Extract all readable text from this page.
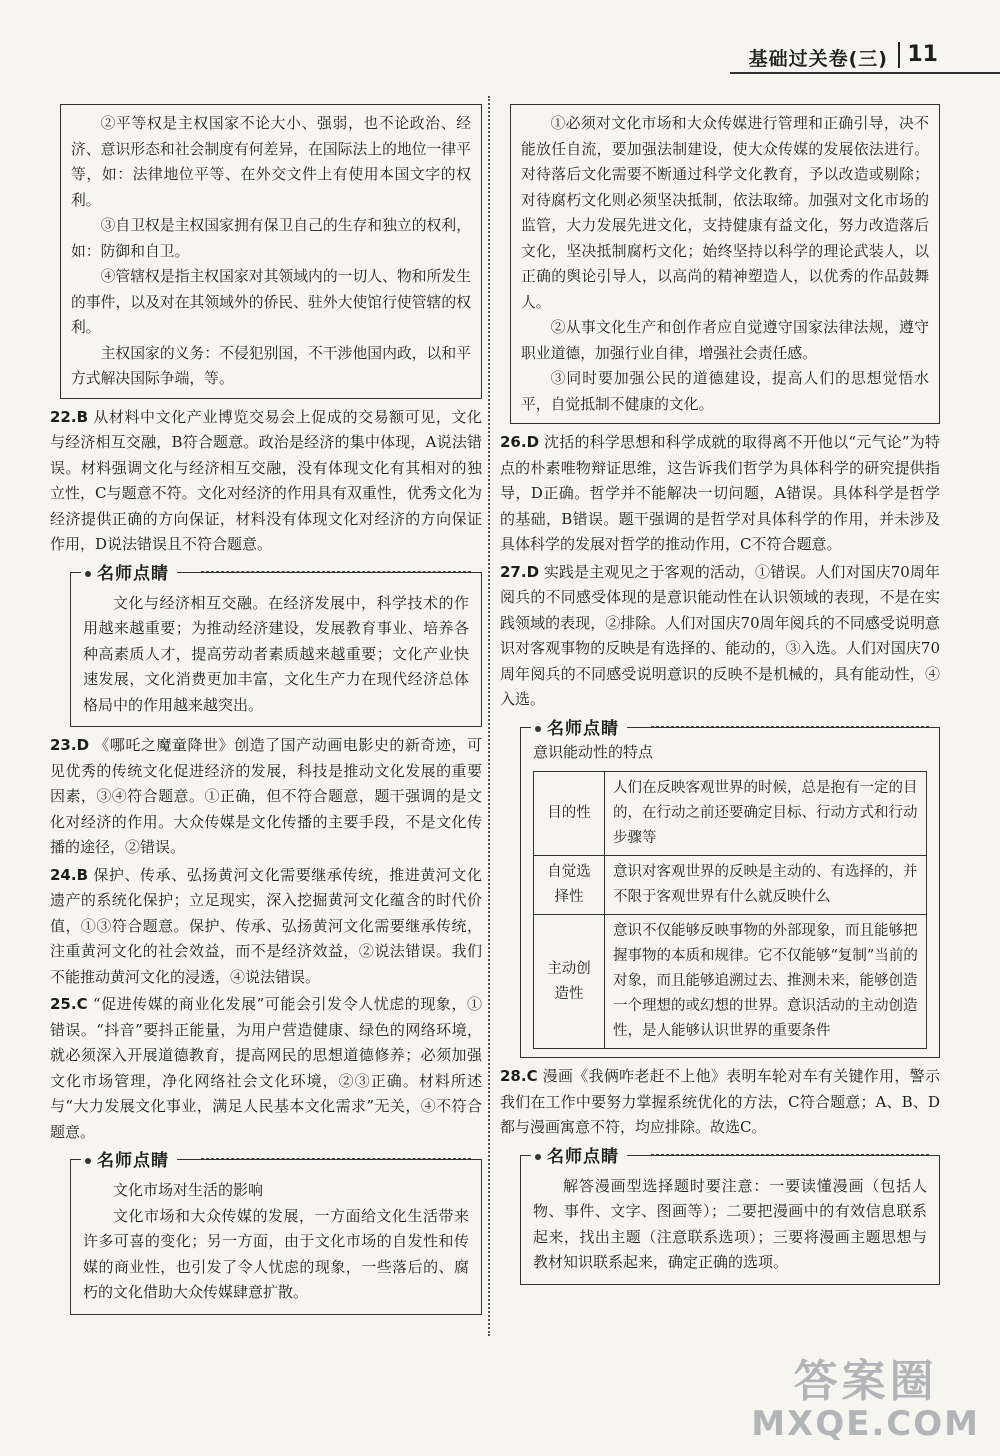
基础过关卷(三) 11

②平等权是主权国家不论大小、强弱，也不论政治、经济、意识形态和社会制度有何差异，在国际法上的地位一律平等，如：法律地位平等、在外交文件上有使用本国文字的权利。

③自卫权是主权国家拥有保卫自己的生存和独立的权利，如：防御和自卫。

④管辖权是指主权国家对其领域内的一切人、物和所发生的事件，以及对在其领域外的侨民、驻外大使馆行使管辖的权利。

主权国家的义务：不侵犯别国，不干涉他国内政，以和平方式解决国际争端，等。

22.B 从材料中文化产业博览交易会上促成的交易额可见，文化与经济相互交融，B符合题意。政治是经济的集中体现，A说法错误。材料强调文化与经济相互交融，没有体现文化有其相对的独立性，C与题意不符。文化对经济的作用具有双重性，优秀文化为经济提供正确的方向保证，材料没有体现文化对经济的方向保证作用，D说法错误且不符合题意。

名师点睛

文化与经济相互交融。在经济发展中，科学技术的作用越来越重要；为推动经济建设，发展教育事业、培养各种高素质人才，提高劳动者素质越来越重要；文化产业快速发展，文化消费更加丰富，文化生产力在现代经济总体格局中的作用越来越突出。

23.D 《哪吒之魔童降世》创造了国产动画电影史的新奇迹，可见优秀的传统文化促进经济的发展，科技是推动文化发展的重要因素，③④符合题意。①正确，但不符合题意，题干强调的是文化对经济的作用。大众传媒是文化传播的主要手段，不是文化传播的途径，②错误。

24.B 保护、传承、弘扬黄河文化需要继承传统，推进黄河文化遗产的系统化保护；立足现实，深入挖掘黄河文化蕴含的时代价值，①③符合题意。保护、传承、弘扬黄河文化需要继承传统，注重黄河文化的社会效益，而不是经济效益，②说法错误。我们不能推动黄河文化的浸透，④说法错误。

25.C “促进传媒的商业化发展”可能会引发令人忧虑的现象，①错误。“抖音”要抖正能量，为用户营造健康、绿色的网络环境，就必须深入开展道德教育，提高网民的思想道德修养；必须加强文化市场管理，净化网络社会文化环境，②③正确。材料所述与“大力发展文化事业，满足人民基本文化需求”无关，④不符合题意。

名师点睛

文化市场对生活的影响

文化市场和大众传媒的发展，一方面给文化生活带来许多可喜的变化；另一方面，由于文化市场的自发性和传媒的商业性，也引发了令人忧虑的现象，一些落后的、腐朽的文化借助大众传媒肆意扩散。

①必须对文化市场和大众传媒进行管理和正确引导，决不能放任自流，要加强法制建设，使大众传媒的发展依法进行。对待落后文化需要不断通过科学文化教育，予以改造或剔除；对待腐朽文化则必须坚决抵制，依法取缔。加强对文化市场的监管，大力发展先进文化，支持健康有益文化，努力改造落后文化，坚决抵制腐朽文化；始终坚持以科学的理论武装人，以正确的舆论引导人，以高尚的精神塑造人，以优秀的作品鼓舞人。

②从事文化生产和创作者应自觉遵守国家法律法规，遵守职业道德，加强行业自律，增强社会责任感。

③同时要加强公民的道德建设，提高人们的思想觉悟水平，自觉抵制不健康的文化。

26.D 沈括的科学思想和科学成就的取得离不开他以“元气论”为特点的朴素唯物辩证思维，这告诉我们哲学为具体科学的研究提供指导，D正确。哲学并不能解决一切问题，A错误。具体科学是哲学的基础，B错误。题干强调的是哲学对具体科学的作用，并未涉及具体科学的发展对哲学的推动作用，C不符合题意。

27.D 实践是主观见之于客观的活动，①错误。人们对国庆70周年阅兵的不同感受体现的是意识能动性在认识领域的表现，不是在实践领域的表现，②排除。人们对国庆70周年阅兵的不同感受说明意识对客观事物的反映是有选择的、能动的，③入选。人们对国庆70周年阅兵的不同感受说明意识的反映不是机械的，具有能动性，④入选。

名师点睛

意识能动性的特点

目的性	人们在反映客观世界的时候，总是抱有一定的目的，在行动之前还要确定目标、行动方式和行动步骤等
自觉选择性	意识对客观世界的反映是主动的、有选择的，并不限于客观世界有什么就反映什么
主动创造性	意识不仅能够反映事物的外部现象，而且能够把握事物的本质和规律。它不仅能够“复制”当前的对象，而且能够追溯过去、推测未来，能够创造一个理想的或幻想的世界。意识活动的主动创造性，是人能够认识世界的重要条件

28.C 漫画《我俩咋老赶不上他》表明车轮对车有关键作用，警示我们在工作中要努力掌握系统优化的方法，C符合题意；A、B、D都与漫画寓意不符，均应排除。故选C。

名师点睛

解答漫画型选择题时要注意：一要读懂漫画（包括人物、事件、文字、图画等）；二要把漫画中的有效信息联系起来，找出主题（注意联系选项）；三要将漫画主题思想与教材知识联系起来，确定正确的选项。

答案圈
MXQE.COM
